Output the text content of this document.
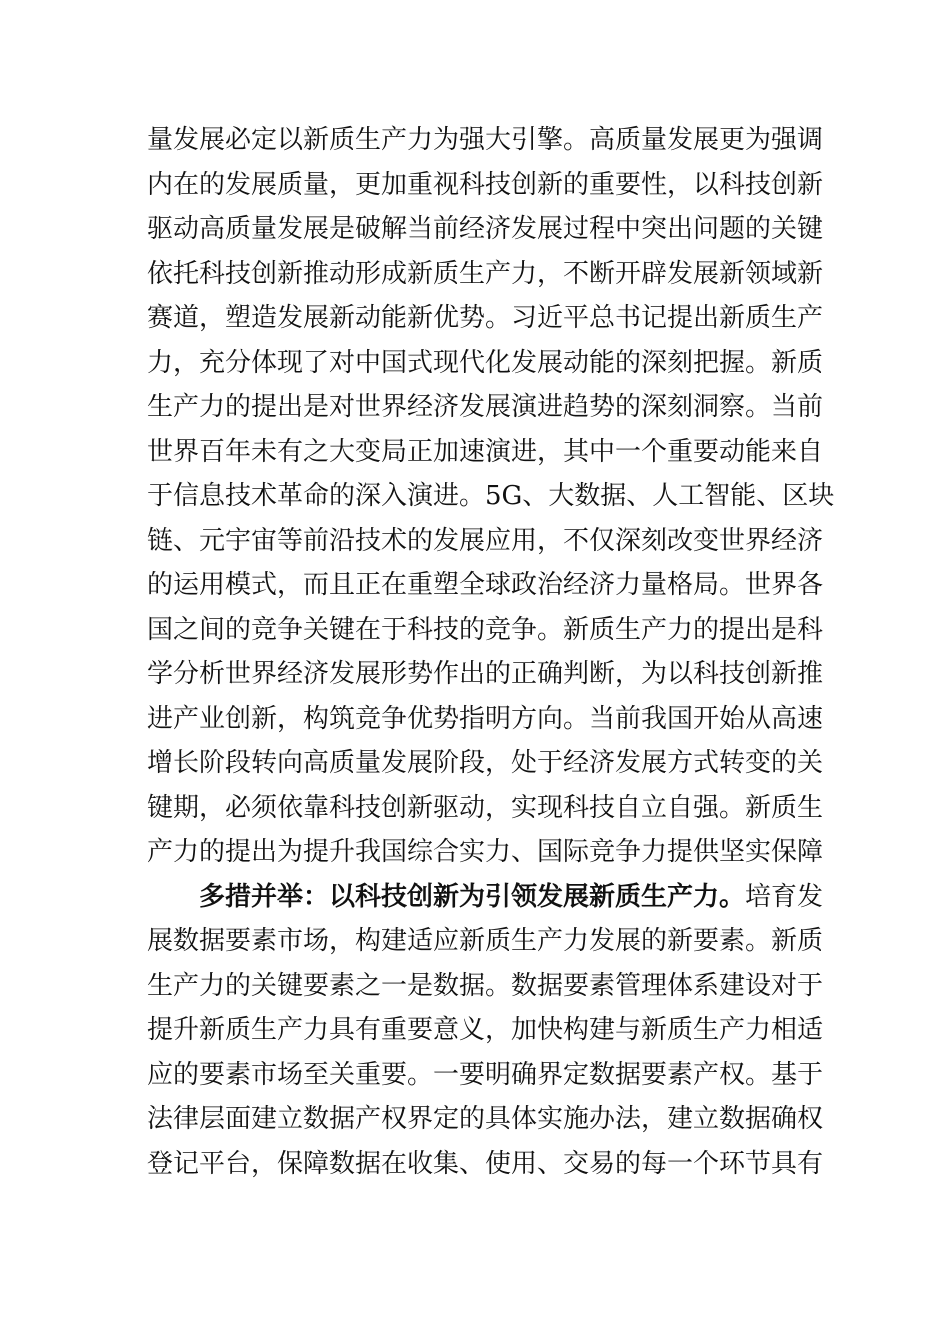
量发展必定以新质生产力为强大引擎。高质量发展更为强调
内在的发展质量，更加重视科技创新的重要性，以科技创新
驱动高质量发展是破解当前经济发展过程中突出问题的关键
依托科技创新推动形成新质生产力，不断开辟发展新领域新
赛道，塑造发展新动能新优势。习近平总书记提出新质生产
力，充分体现了对中国式现代化发展动能的深刻把握。新质
生产力的提出是对世界经济发展演进趋势的深刻洞察。当前
世界百年未有之大变局正加速演进，其中一个重要动能来自
于信息技术革命的深入演进。5G、大数据、人工智能、区块
链、元宇宙等前沿技术的发展应用，不仅深刻改变世界经济
的运用模式，而且正在重塑全球政治经济力量格局。世界各
国之间的竞争关键在于科技的竞争。新质生产力的提出是科
学分析世界经济发展形势作出的正确判断，为以科技创新推
进产业创新，构筑竞争优势指明方向。当前我国开始从高速
增长阶段转向高质量发展阶段，处于经济发展方式转变的关
键期，必须依靠科技创新驱动，实现科技自立自强。新质生
产力的提出为提升我国综合实力、国际竞争力提供坚实保障
多措并举：以科技创新为引领发展新质生产力。培育发
展数据要素市场，构建适应新质生产力发展的新要素。新质
生产力的关键要素之一是数据。数据要素管理体系建设对于
提升新质生产力具有重要意义，加快构建与新质生产力相适
应的要素市场至关重要。一要明确界定数据要素产权。基于
法律层面建立数据产权界定的具体实施办法，建立数据确权
登记平台，保障数据在收集、使用、交易的每一个环节具有
